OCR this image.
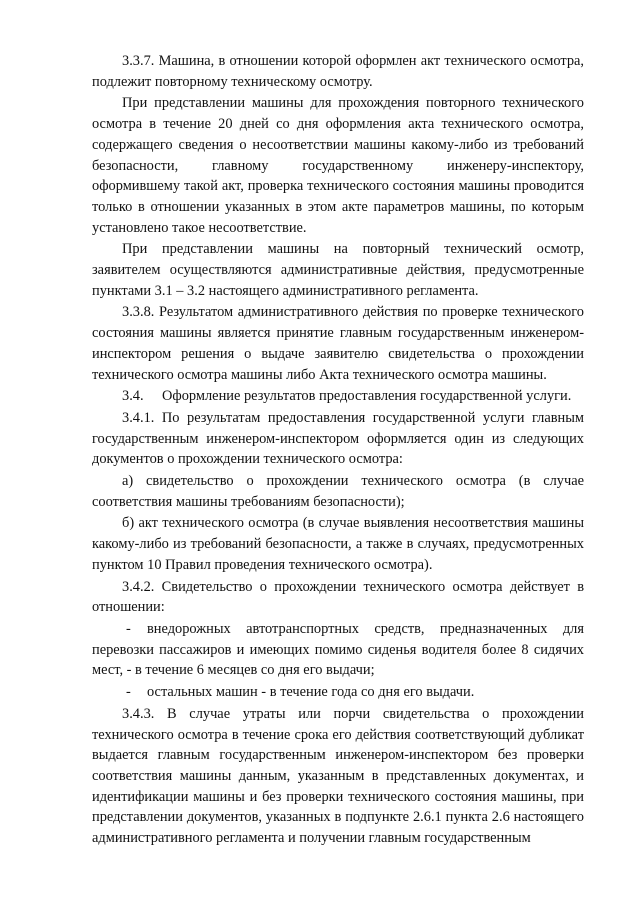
3.3.7. Машина, в отношении которой оформлен акт технического осмотра, подлежит повторному техническому осмотру.

При представлении машины для прохождения повторного технического осмотра в течение 20 дней со дня оформления акта технического осмотра, содержащего сведения о несоответствии машины какому-либо из требований безопасности, главному государственному инженеру-инспектору, оформившему такой акт, проверка технического состояния машины проводится только в отношении указанных в этом акте параметров машины, по которым установлено такое несоответствие.

При представлении машины на повторный технический осмотр, заявителем осуществляются административные действия, предусмотренные пунктами 3.1 – 3.2 настоящего административного регламента.

3.3.8. Результатом административного действия по проверке технического состояния машины является принятие главным государственным инженером-инспектором решения о выдаче заявителю свидетельства о прохождении технического осмотра машины либо Акта технического осмотра машины.

3.4. Оформление результатов предоставления государственной услуги.

3.4.1. По результатам предоставления государственной услуги главным государственным инженером-инспектором оформляется один из следующих документов о прохождении технического осмотра:

а) свидетельство о прохождении технического осмотра (в случае соответствия машины требованиям безопасности);

б) акт технического осмотра (в случае выявления несоответствия машины какому-либо из требований безопасности, а также в случаях, предусмотренных пунктом 10 Правил проведения технического осмотра).

3.4.2. Свидетельство о прохождении технического осмотра действует в отношении:

- внедорожных автотранспортных средств, предназначенных для перевозки пассажиров и имеющих помимо сиденья водителя более 8 сидячих мест, - в течение 6 месяцев со дня его выдачи;

- остальных машин - в течение года со дня его выдачи.

3.4.3. В случае утраты или порчи свидетельства о прохождении технического осмотра в течение срока его действия соответствующий дубликат выдается главным государственным инженером-инспектором без проверки соответствия машины данным, указанным в представленных документах, и идентификации машины и без проверки технического состояния машины, при представлении документов, указанных в подпункте 2.6.1 пункта 2.6 настоящего административного регламента и получении главным государственным
